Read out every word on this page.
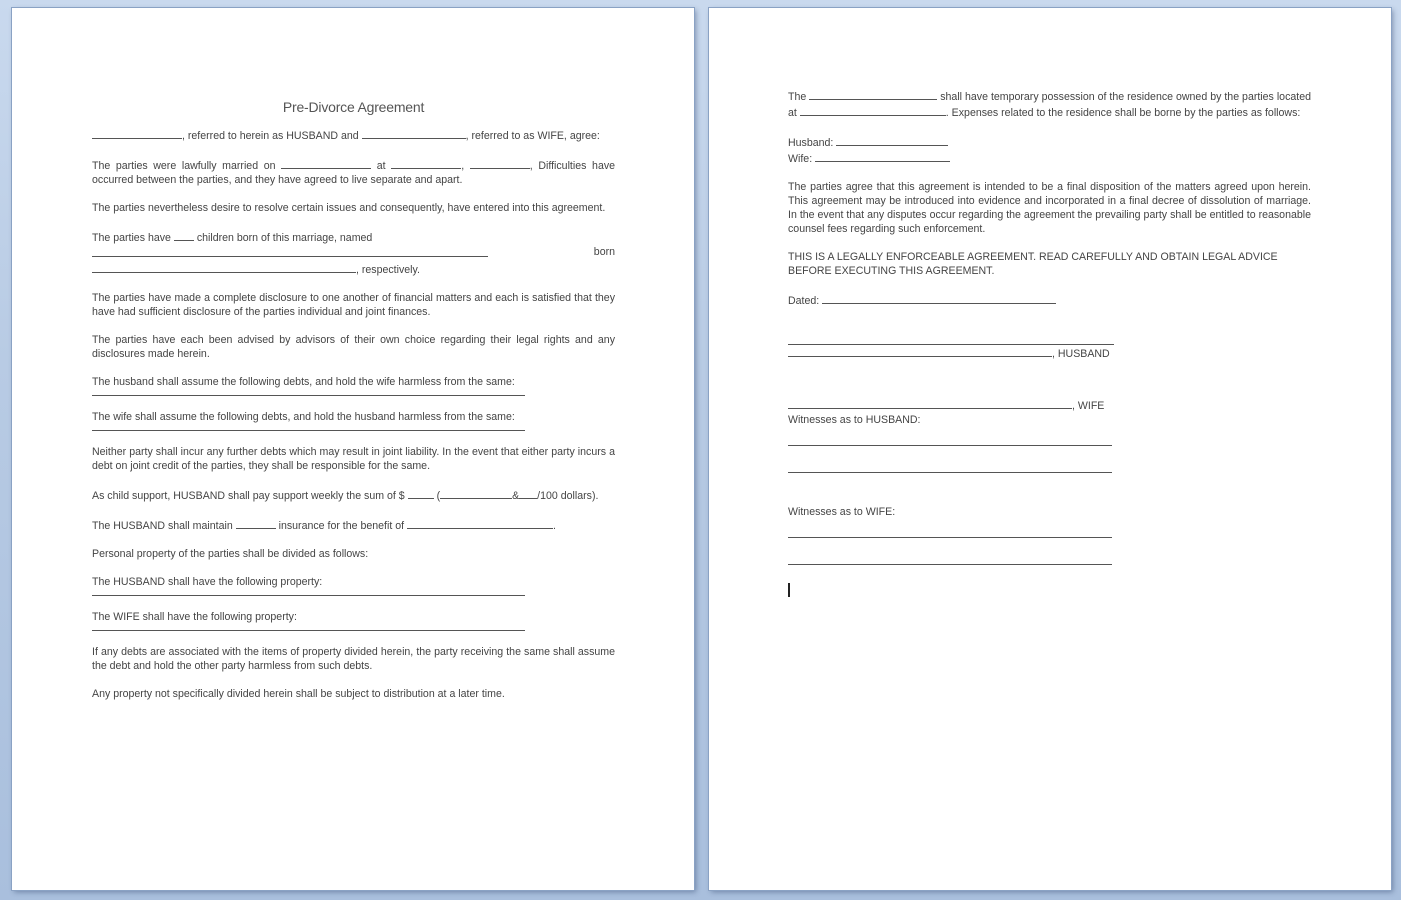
Pre-Divorce Agreement

, referred to herein as HUSBAND and	, referred to as WIFE, agree:

The parties were lawfully married on	at	,	, Difficulties have occurred between the parties, and they have agreed to live separate and apart.

The parties nevertheless desire to resolve certain issues and consequently, have entered into this agreement.

The parties have children born of this marriage, named

born

, respectively.

The parties have made a complete disclosure to one another of financial matters and each is satisfied that they have had sufficient disclosure of the parties individual and joint finances.

The parties have each been advised by advisors of their own choice regarding their legal rights and any disclosures made herein.

The husband shall assume the following debts, and hold the wife harmless from the same:

The wife shall assume the following debts, and hold the husband harmless from the same:

Neither party shall incur any further debts which may result in joint liability. In the event that either party incurs a debt on joint credit of the parties, they shall be responsible for the same.

As child support, HUSBAND shall pay support weekly the sum of $	(	& /100 dollars).

The HUSBAND shall maintain	insurance for the benefit of	.

Personal property of the parties shall be divided as follows:

The HUSBAND shall have the following property:

The WIFE shall have the following property:

If any debts are associated with the items of property divided herein, the party receiving the same shall assume the debt and hold the other party harmless from such debts.

Any property not specifically divided herein shall be subject to distribution at a later time.

The	shall have temporary possession of the residence owned by the parties located at	. Expenses related to the residence shall be borne by the parties as follows:

Husband:
Wife:

The parties agree that this agreement is intended to be a final disposition of the matters agreed upon herein. This agreement may be introduced into evidence and incorporated in a final decree of dissolution of marriage. In the event that any disputes occur regarding the agreement the prevailing party shall be entitled to reasonable counsel fees regarding such enforcement.

THIS IS A LEGALLY ENFORCEABLE AGREEMENT. READ CAREFULLY AND OBTAIN LEGAL ADVICE BEFORE EXECUTING THIS AGREEMENT.

Dated:

, HUSBAND
, WIFE
Witnesses as to HUSBAND:
Witnesses as to WIFE:
